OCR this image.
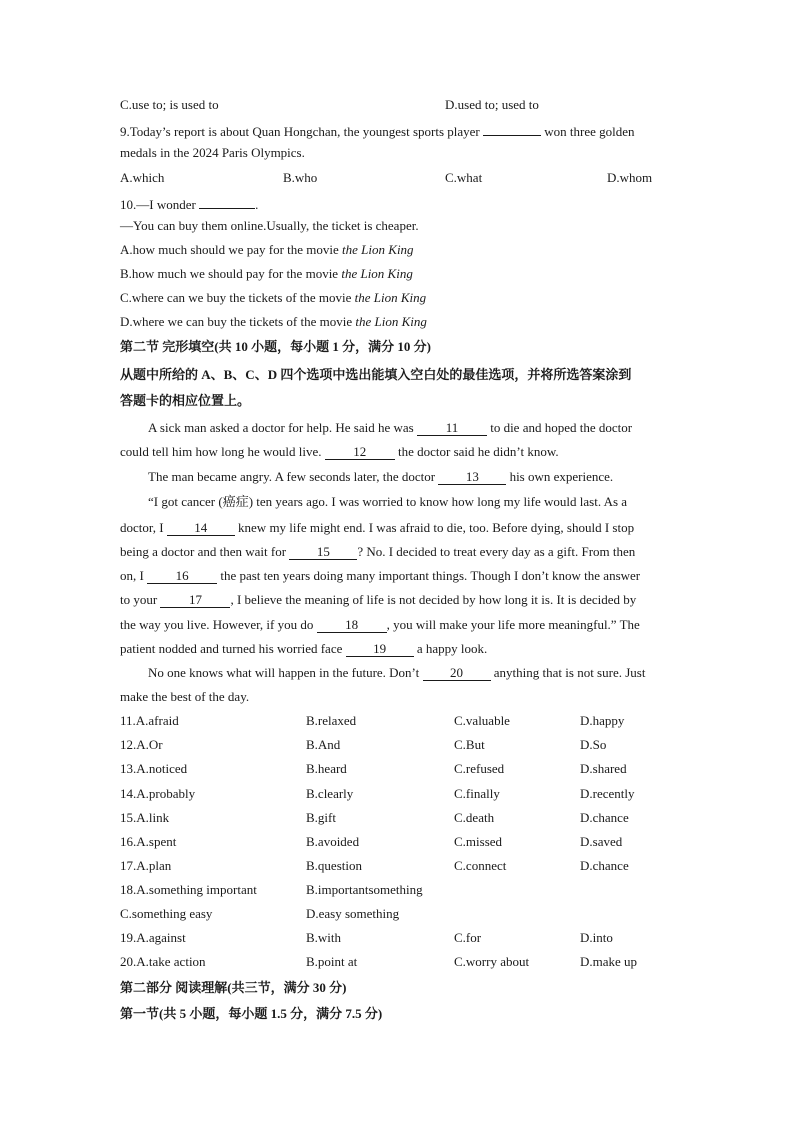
C.use to; is used to	D.used to; used to
9.Today’s report is about Quan Hongchan, the youngest sports player	won three golden
medals in the 2024 Paris Olympics.
A.which	B.who	C.what	D.whom
10.—I wonder	.
—You can buy them online.Usually, the ticket is cheaper.
A.how much should we pay for the movie the Lion King
B.how much we should pay for the movie the Lion King
C.where can we buy the tickets of the movie the Lion King
D.where we can buy the tickets of the movie the Lion King
第二节 完形填空(共 10 小题，每小题 1 分，满分 10 分)
从题中所给的 A、B、C、D 四个选项中选出能填入空白处的最佳选项，并将所选答案涂到
答题卡的相应位置上。
A sick man asked a doctor for help. He said he was 11 to die and hoped the doctor
could tell him how long he would live. 12 the doctor said he didn’t know.
The man became angry. A few seconds later, the doctor 13 his own experience.
“I got cancer (癌症) ten years ago. I was worried to know how long my life would last. As a
doctor, I 14 knew my life might end. I was afraid to die, too. Before dying, should I stop
being a doctor and then wait for 15 ? No. I decided to treat every day as a gift. From then
on, I 16 the past ten years doing many important things. Though I don’t know the answer
to your 17 , I believe the meaning of life is not decided by how long it is. It is decided by
the way you live. However, if you do 18 , you will make your life more meaningful.” The
patient nodded and turned his worried face 19 a happy look.
No one knows what will happen in the future. Don’t 20 anything that is not sure. Just
make the best of the day.
11.A.afraid	B.relaxed	C.valuable	D.happy
12.A.Or	B.And	C.But	D.So
13.A.noticed	B.heard	C.refused	D.shared
14.A.probably	B.clearly	C.finally	D.recently
15.A.link	B.gift	C.death	D.chance
16.A.spent	B.avoided	C.missed	D.saved
17.A.plan	B.question	C.connect	D.chance
18.A.something important	B.importantsomething
C.something easy	D.easy something
19.A.against	B.with	C.for	D.into
20.A.take action	B.point at	C.worry about	D.make up
第二部分 阅读理解(共三节，满分 30 分)
第一节(共 5 小题，每小题 1.5 分，满分 7.5 分)
